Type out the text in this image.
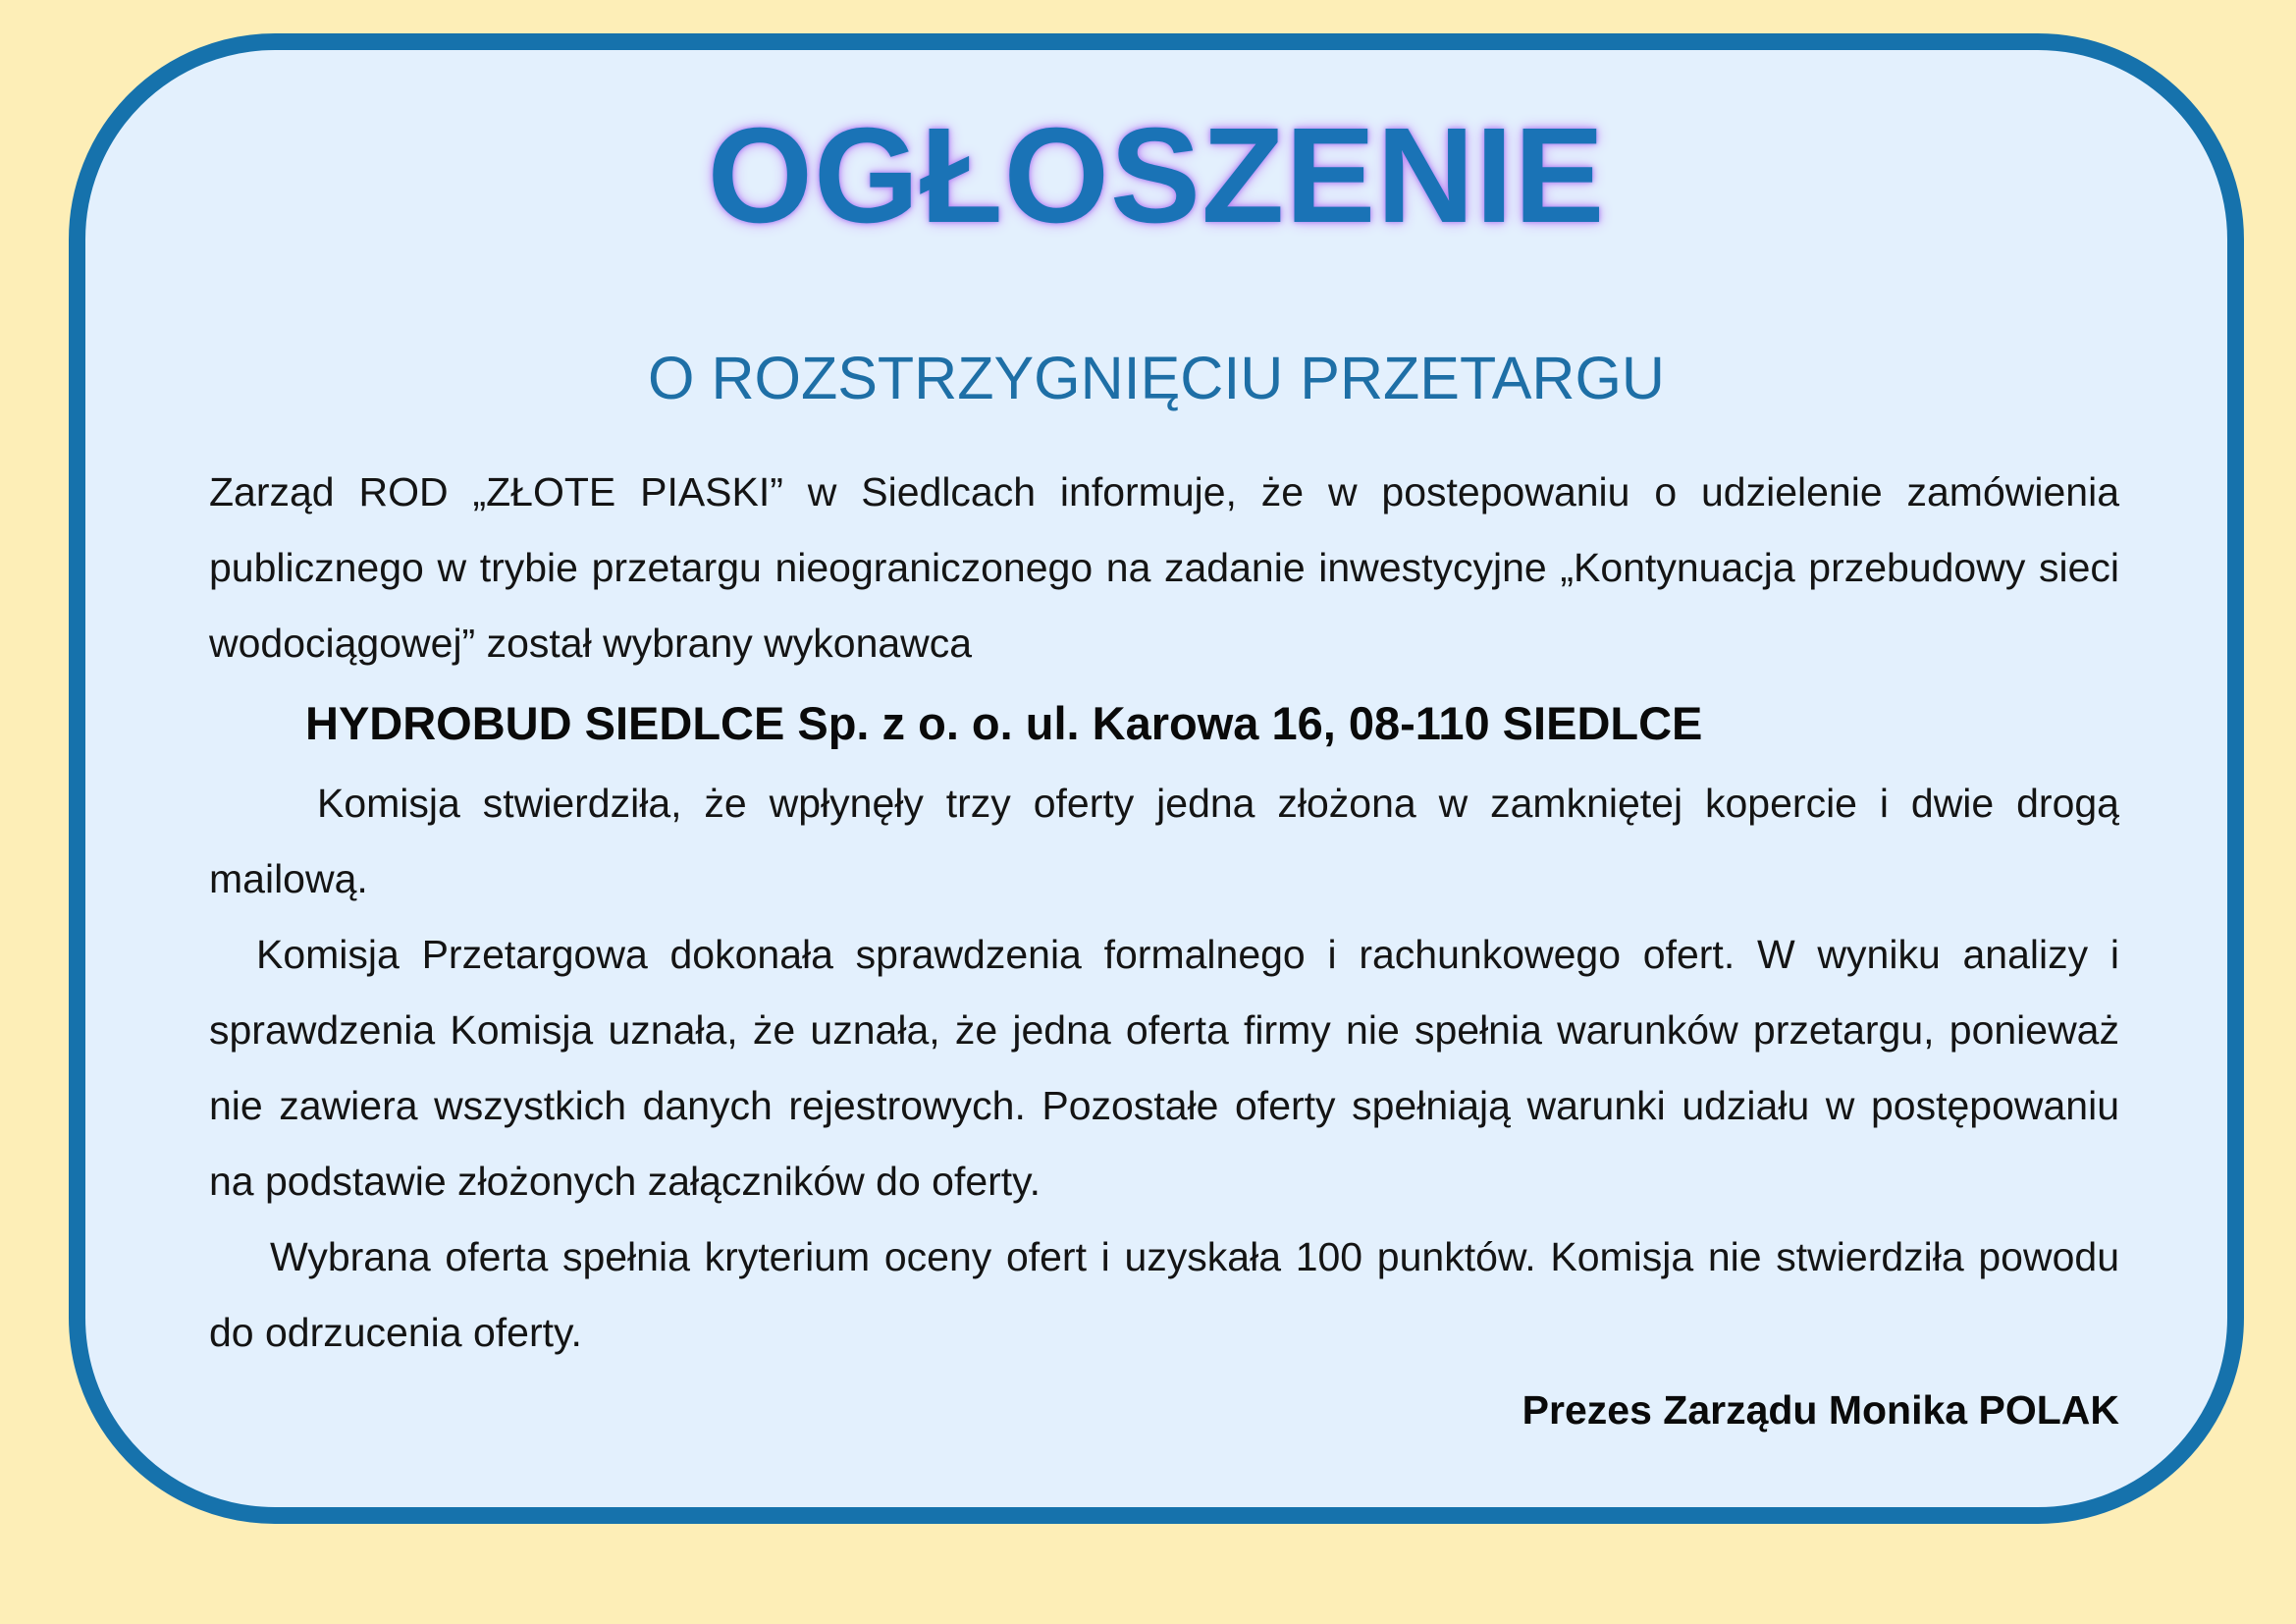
OGŁOSZENIE
O ROZSTRZYGNIĘCIU PRZETARGU

Zarząd ROD „ZŁOTE PIASKI” w Siedlcach informuje, że w postepowaniu o udzielenie zamówienia publicznego w trybie przetargu nieograniczonego na zadanie inwestycyjne „Kontynuacja przebudowy sieci wodociągowej” został wybrany wykonawca

HYDROBUD SIEDLCE Sp. z o. o. ul. Karowa 16, 08-110 SIEDLCE

Komisja stwierdziła, że wpłynęły trzy oferty jedna złożona w zamkniętej kopercie i dwie drogą mailową.

Komisja Przetargowa dokonała sprawdzenia formalnego i rachunkowego ofert. W wyniku analizy i sprawdzenia Komisja uznała, że uznała, że jedna oferta firmy nie spełnia warunków przetargu, ponieważ nie zawiera wszystkich danych rejestrowych. Pozostałe oferty spełniają warunki udziału w postępowaniu na podstawie złożonych załączników do oferty.

Wybrana oferta spełnia kryterium oceny ofert i uzyskała 100 punktów. Komisja nie stwierdziła powodu do odrzucenia oferty.

Prezes Zarządu Monika POLAK
